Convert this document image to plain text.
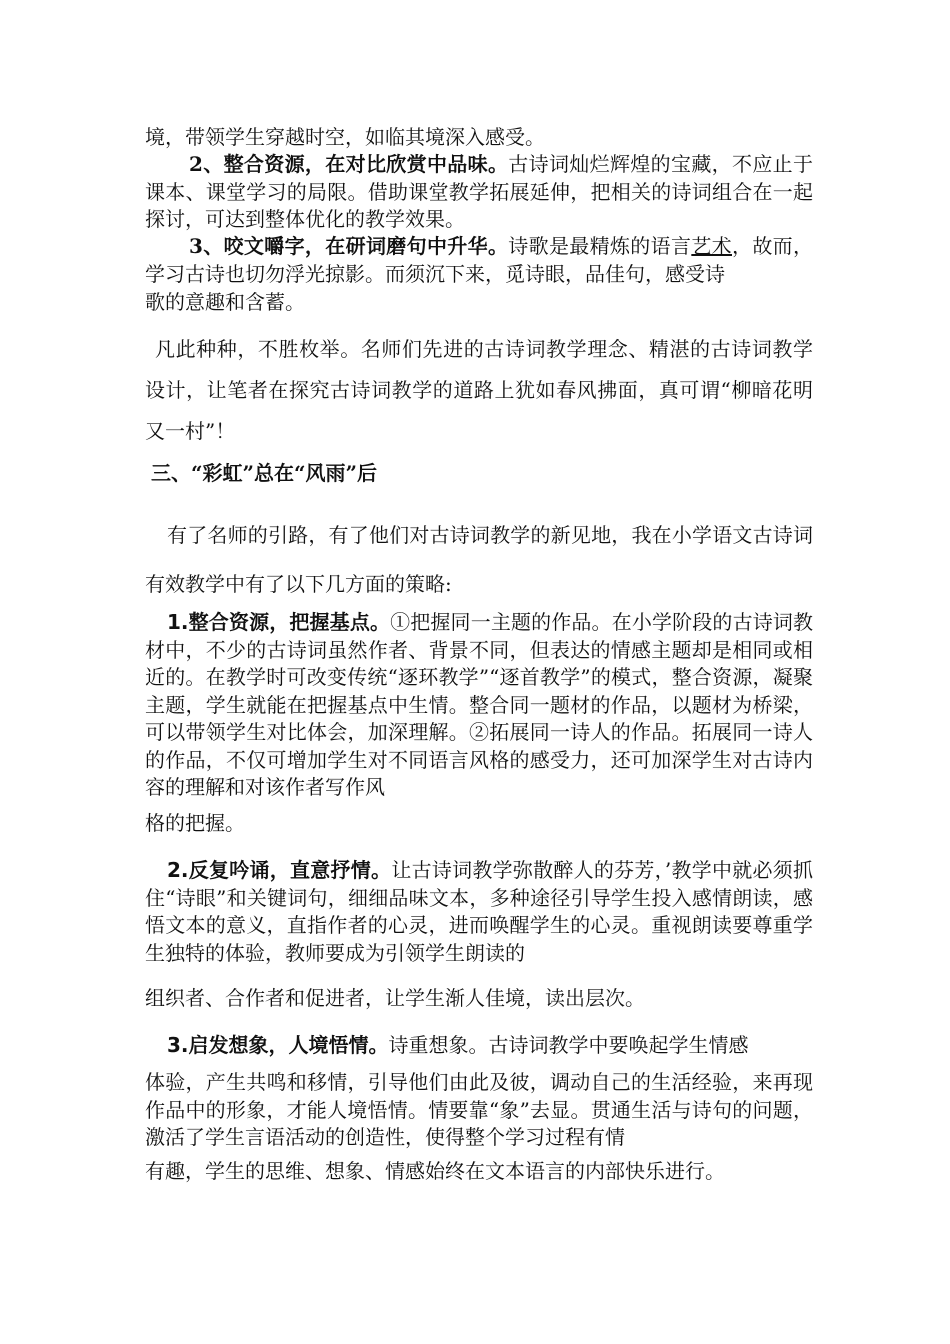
境，带领学生穿越时空，如临其境深入感受。

2、整合资源，在对比欣赏中品味。古诗词灿烂辉煌的宝藏，不应止于课本、课堂学习的局限。借助课堂教学拓展延伸，把相关的诗词组合在一起探讨，可达到整体优化的教学效果。

3、咬文嚼字，在研词磨句中升华。诗歌是最精炼的语言艺术，故而，学习古诗也切勿浮光掠影。而须沉下来，觅诗眼，品佳句，感受诗

歌的意趣和含蓄。

凡此种种，不胜枚举。名师们先进的古诗词教学理念、精湛的古诗词教学设计，让笔者在探究古诗词教学的道路上犹如春风拂面，真可谓“柳暗花明又一村”！

三、“彩虹”总在“风雨”后

有了名师的引路，有了他们对古诗词教学的新见地，我在小学语文古诗词有效教学中有了以下几方面的策略:

1.整合资源，把握基点。①把握同一主题的作品。在小学阶段的古诗词教材中，不少的古诗词虽然作者、背景不同，但表达的情感主题却是相同或相近的。在教学时可改变传统“逐环教学”“逐首教学”的模式，整合资源，凝聚主题，学生就能在把握基点中生情。整合同一题材的作品，以题材为桥梁，可以带领学生对比体会，加深理解。②拓展同一诗人的作品。拓展同一诗人的作品，不仅可增加学生对不同语言风格的感受力，还可加深学生对古诗内容的理解和对该作者写作风

格的把握。

2.反复吟诵，直意抒情。让古诗词教学弥散醉人的芬芳，’教学中就必须抓住“诗眼”和关键词句，细细品味文本，多种途径引导学生投入感情朗读，感悟文本的意义，直指作者的心灵，进而唤醒学生的心灵。重视朗读要尊重学生独特的体验，教师要成为引领学生朗读的

组织者、合作者和促进者，让学生渐人佳境，读出层次。

3.启发想象，人境悟情。诗重想象。古诗词教学中要唤起学生情感

体验，产生共鸣和移情，引导他们由此及彼，调动自己的生活经验，来再现作品中的形象，才能人境悟情。情要靠“象”去显。贯通生活与诗句的问题，激活了学生言语活动的创造性，使得整个学习过程有情

有趣，学生的思维、想象、情感始终在文本语言的内部快乐进行。
